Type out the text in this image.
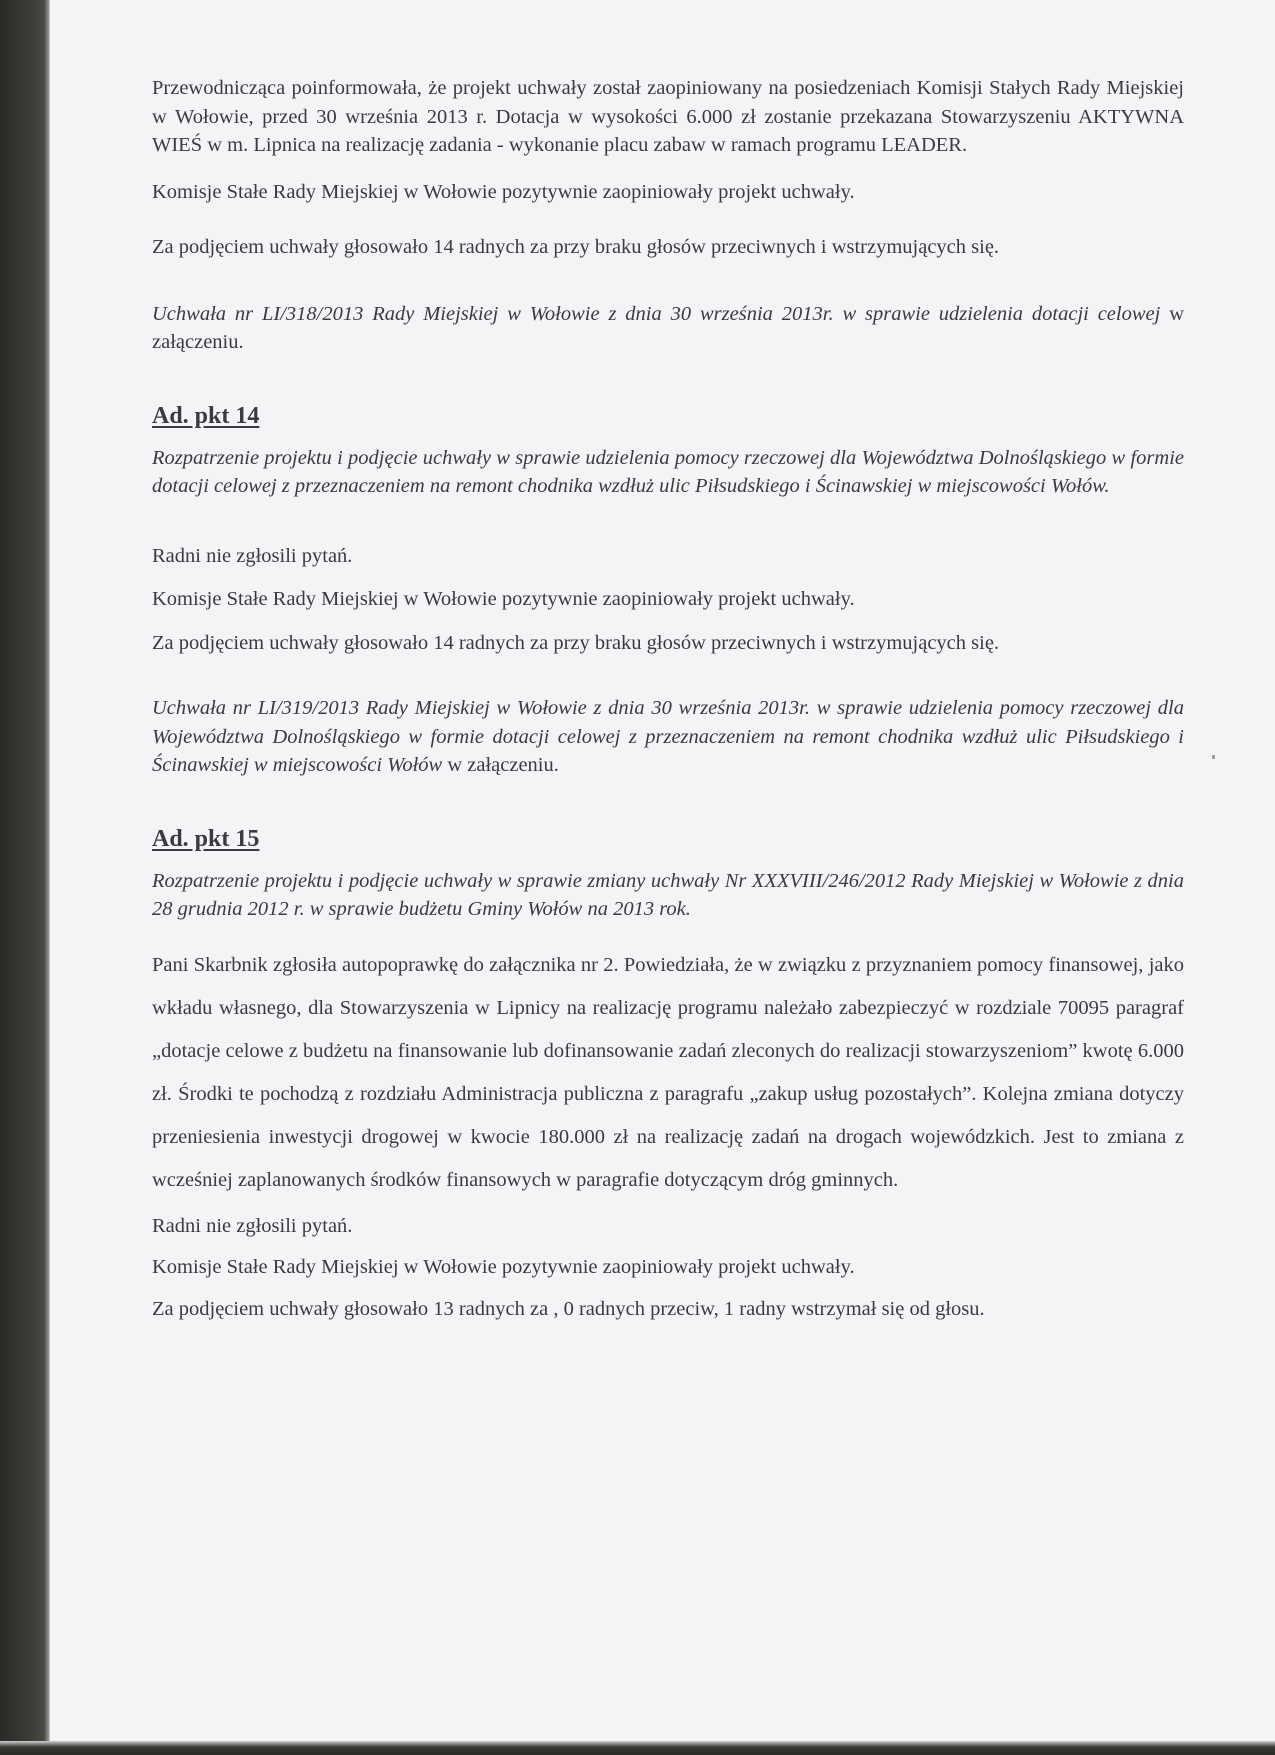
Przewodnicząca poinformowała, że projekt uchwały został zaopiniowany na posiedzeniach Komisji Stałych Rady Miejskiej w Wołowie, przed 30 września 2013 r. Dotacja w wysokości 6.000 zł zostanie przekazana Stowarzyszeniu AKTYWNA WIEŚ w m. Lipnica na realizację zadania - wykonanie placu zabaw w ramach programu LEADER.

Komisje Stałe Rady Miejskiej w Wołowie pozytywnie zaopiniowały projekt uchwały.

Za podjęciem uchwały głosowało 14 radnych za przy braku głosów przeciwnych i wstrzymujących się.

Uchwała nr LI/318/2013 Rady Miejskiej w Wołowie z dnia 30 września 2013r. w sprawie udzielenia dotacji celowej w załączeniu.

Ad. pkt 14

Rozpatrzenie projektu i podjęcie uchwały w sprawie udzielenia pomocy rzeczowej dla Województwa Dolnośląskiego w formie dotacji celowej z przeznaczeniem na remont chodnika wzdłuż ulic Piłsudskiego i Ścinawskiej w miejscowości Wołów.

Radni nie zgłosili pytań.

Komisje Stałe Rady Miejskiej w Wołowie pozytywnie zaopiniowały projekt uchwały.

Za podjęciem uchwały głosowało 14 radnych za przy braku głosów przeciwnych i wstrzymujących się.

Uchwała nr LI/319/2013 Rady Miejskiej w Wołowie z dnia 30 września 2013r. w sprawie udzielenia pomocy rzeczowej dla Województwa Dolnośląskiego w formie dotacji celowej z przeznaczeniem na remont chodnika wzdłuż ulic Piłsudskiego i Ścinawskiej w miejscowości Wołów w załączeniu.

Ad. pkt 15

Rozpatrzenie projektu i podjęcie uchwały w sprawie zmiany uchwały Nr XXXVIII/246/2012 Rady Miejskiej w Wołowie z dnia 28 grudnia 2012 r. w sprawie budżetu Gminy Wołów na 2013 rok.

Pani Skarbnik zgłosiła autopoprawkę do załącznika nr 2. Powiedziała, że w związku z przyznaniem pomocy finansowej, jako wkładu własnego, dla Stowarzyszenia w Lipnicy na realizację programu należało zabezpieczyć w rozdziale 70095 paragraf „dotacje celowe z budżetu na finansowanie lub dofinansowanie zadań zleconych do realizacji stowarzyszeniom” kwotę 6.000 zł. Środki te pochodzą z rozdziału Administracja publiczna z paragrafu „zakup usług pozostałych”. Kolejna zmiana dotyczy przeniesienia inwestycji drogowej w kwocie 180.000 zł na realizację zadań na drogach wojewódzkich. Jest to zmiana z wcześniej zaplanowanych środków finansowych w paragrafie dotyczącym dróg gminnych.

Radni nie zgłosili pytań.

Komisje Stałe Rady Miejskiej w Wołowie pozytywnie zaopiniowały projekt uchwały.

Za podjęciem uchwały głosowało 13 radnych za , 0 radnych przeciw, 1 radny wstrzymał się od głosu.
